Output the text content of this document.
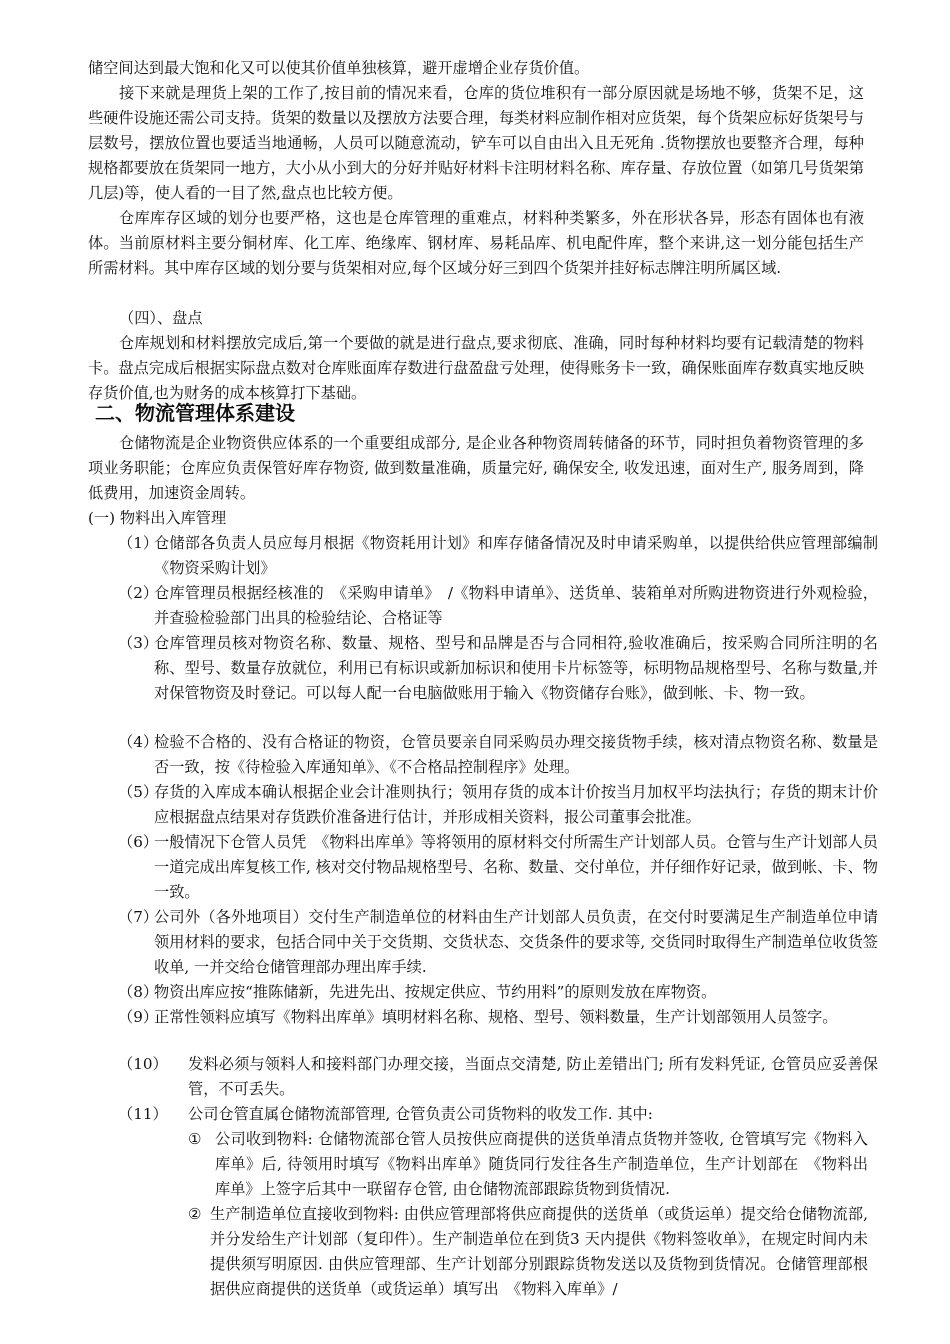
储空间达到最大饱和化又可以使其价值单独核算，避开虚增企业存货价值。

接下来就是理货上架的工作了,按目前的情况来看，仓库的货位堆积有一部分原因就是场地不够，货架不足，这些硬件设施还需公司支持。货架的数量以及摆放方法要合理，每类材料应制作相对应货架，每个货架应标好货架号与层数号，摆放位置也要适当地通畅，人员可以随意流动，铲车可以自由出入且无死角 .货物摆放也要整齐合理，每种规格都要放在货架同一地方，大小从小到大的分好并贴好材料卡注明材料名称、库存量、存放位置（如第几号货架第几层)等，使人看的一目了然,盘点也比较方便。

仓库库存区域的划分也要严格，这也是仓库管理的重难点，材料种类繁多，外在形状各异，形态有固体也有液体。当前原材料主要分铜材库、化工库、绝缘库、钢材库、易耗品库、机电配件库，整个来讲,这一划分能包括生产所需材料。其中库存区域的划分要与货架相对应,每个区域分好三到四个货架并挂好标志牌注明所属区域.

（四）、盘点

仓库规划和材料摆放完成后,第一个要做的就是进行盘点,要求彻底、准确，同时每种材料均要有记载清楚的物料卡。盘点完成后根据实际盘点数对仓库账面库存数进行盘盈盘亏处理，使得账务卡一致，确保账面库存数真实地反映存货价值,也为财务的成本核算打下基础。

二、物流管理体系建设

仓储物流是企业物资供应体系的一个重要组成部分, 是企业各种物资周转储备的环节，同时担负着物资管理的多项业务职能；仓库应负责保管好库存物资, 做到数量准确，质量完好, 确保安全, 收发迅速，面对生产, 服务周到，降低费用，加速资金周转。

(一) 物料出入库管理

（1）
仓储部各负责人员应每月根据《物资耗用计划》和库存储备情况及时申请采购单，以提供给供应管理部编制《物资采购计划》
（2）
仓库管理员根据经核准的　《采购申请单》　/《物料申请单》、送货单、装箱单对所购进物资进行外观检验，并查验检验部门出具的检验结论、合格证等
（3）
仓库管理员核对物资名称、数量、规格、型号和品牌是否与合同相符,验收准确后，按采购合同所注明的名称、型号、数量存放就位，利用已有标识或新加标识和使用卡片标签等，标明物品规格型号、名称与数量,并对保管物资及时登记。可以每人配一台电脑做账用于输入《物资储存台账》，做到帐、卡、物一致。
（4）
检验不合格的、没有合格证的物资，仓管员要亲自同采购员办理交接货物手续，核对清点物资名称、数量是否一致，按《待检验入库通知单》、《不合格品控制程序》处理。
（5）
存货的入库成本确认根据企业会计准则执行；领用存货的成本计价按当月加权平均法执行；存货的期末计价应根据盘点结果对存货跌价准备进行估计，并形成相关资料，报公司董事会批准。
（6）
一般情况下仓管人员凭　《物料出库单》等将领用的原材料交付所需生产计划部人员。仓管与生产计划部人员一道完成出库复核工作, 核对交付物品规格型号、名称、数量、交付单位，并仔细作好记录，做到帐、卡、物一致。
（7）
公司外（各外地项目）交付生产制造单位的材料由生产计划部人员负责，在交付时要满足生产制造单位申请领用材料的要求，包括合同中关于交货期、交货状态、交货条件的要求等, 交货同时取得生产制造单位收货签收单, 一并交给仓储管理部办理出库手续.
（8）
物资出库应按“推陈储新，先进先出、按规定供应、节约用料”的原则发放在库物资。
（9）
正常性领料应填写《物料出库单》填明材料名称、规格、型号、领料数量，生产计划部领用人员签字。
（10） 发料必须与领料人和接料部门办理交接，当面点交清楚, 防止差错出门; 所有发料凭证, 仓管员应妥善保管，不可丢失。
（11） 公司仓管直属仓储物流部管理, 仓管负责公司货物料的收发工作. 其中:
① 公司收到物料: 仓储物流部仓管人员按供应商提供的送货单清点货物并签收, 仓管填写完《物料入库单》后, 待领用时填写《物料出库单》随货同行发往各生产制造单位，生产计划部在　《物料出库单》上签字后其中一联留存仓管, 由仓储物流部跟踪货物到货情况.
② 生产制造单位直接收到物料: 由供应管理部将供应商提供的送货单（或货运单）提交给仓储物流部, 并分发给生产计划部（复印件）。生产制造单位在到货3 天内提供《物料签收单》，在规定时间内未提供须写明原因. 由供应管理部、生产计划部分别跟踪货物发送以及货物到货情况。仓储管理部根据供应商提供的送货单（或货运单）填写出　《物料入库单》/
